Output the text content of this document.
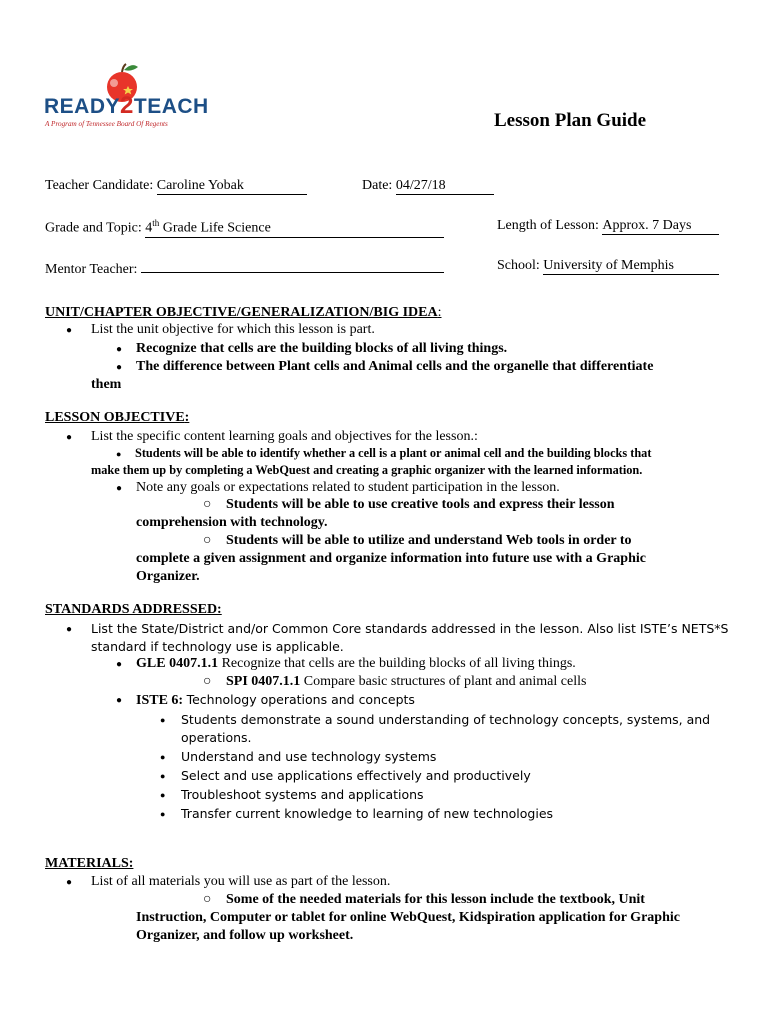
READY2TEACH
A Program of Tennessee Board Of Regents	Lesson Plan Guide
Teacher Candidate: Caroline Yobak	Date: 04/27/18
Grade and Topic: 4th Grade Life Science	Length of Lesson: Approx. 7 Days
Mentor Teacher:	School: University of Memphis
UNIT/CHAPTER OBJECTIVE/GENERALIZATION/BIG IDEA:
● List the unit objective for which this lesson is part.
● Recognize that cells are the building blocks of all living things.
● The difference between Plant cells and Animal cells and the organelle that differentiate
them
LESSON OBJECTIVE:
● List the specific content learning goals and objectives for the lesson.:
● Students will be able to identify whether a cell is a plant or animal cell and the building blocks that
make them up by completing a WebQuest and creating a graphic organizer with the learned information.
● Note any goals or expectations related to student participation in the lesson.
○ Students will be able to use creative tools and express their lesson
comprehension with technology.
○ Students will be able to utilize and understand Web tools in order to
complete a given assignment and organize information into future use with a Graphic
Organizer.
STANDARDS ADDRESSED:
● List the State/District and/or Common Core standards addressed in the lesson. Also list ISTE’s NETS*S
standard if technology use is applicable.
● GLE 0407.1.1 Recognize that cells are the building blocks of all living things.
○ SPI 0407.1.1 Compare basic structures of plant and animal cells
● ISTE 6: Technology operations and concepts
● Students demonstrate a sound understanding of technology concepts, systems, and
operations.
● Understand and use technology systems
● Select and use applications effectively and productively
● Troubleshoot systems and applications
● Transfer current knowledge to learning of new technologies
MATERIALS:
● List of all materials you will use as part of the lesson.
○ Some of the needed materials for this lesson include the textbook, Unit
Instruction, Computer or tablet for online WebQuest, Kidspiration application for Graphic
Organizer, and follow up worksheet.
